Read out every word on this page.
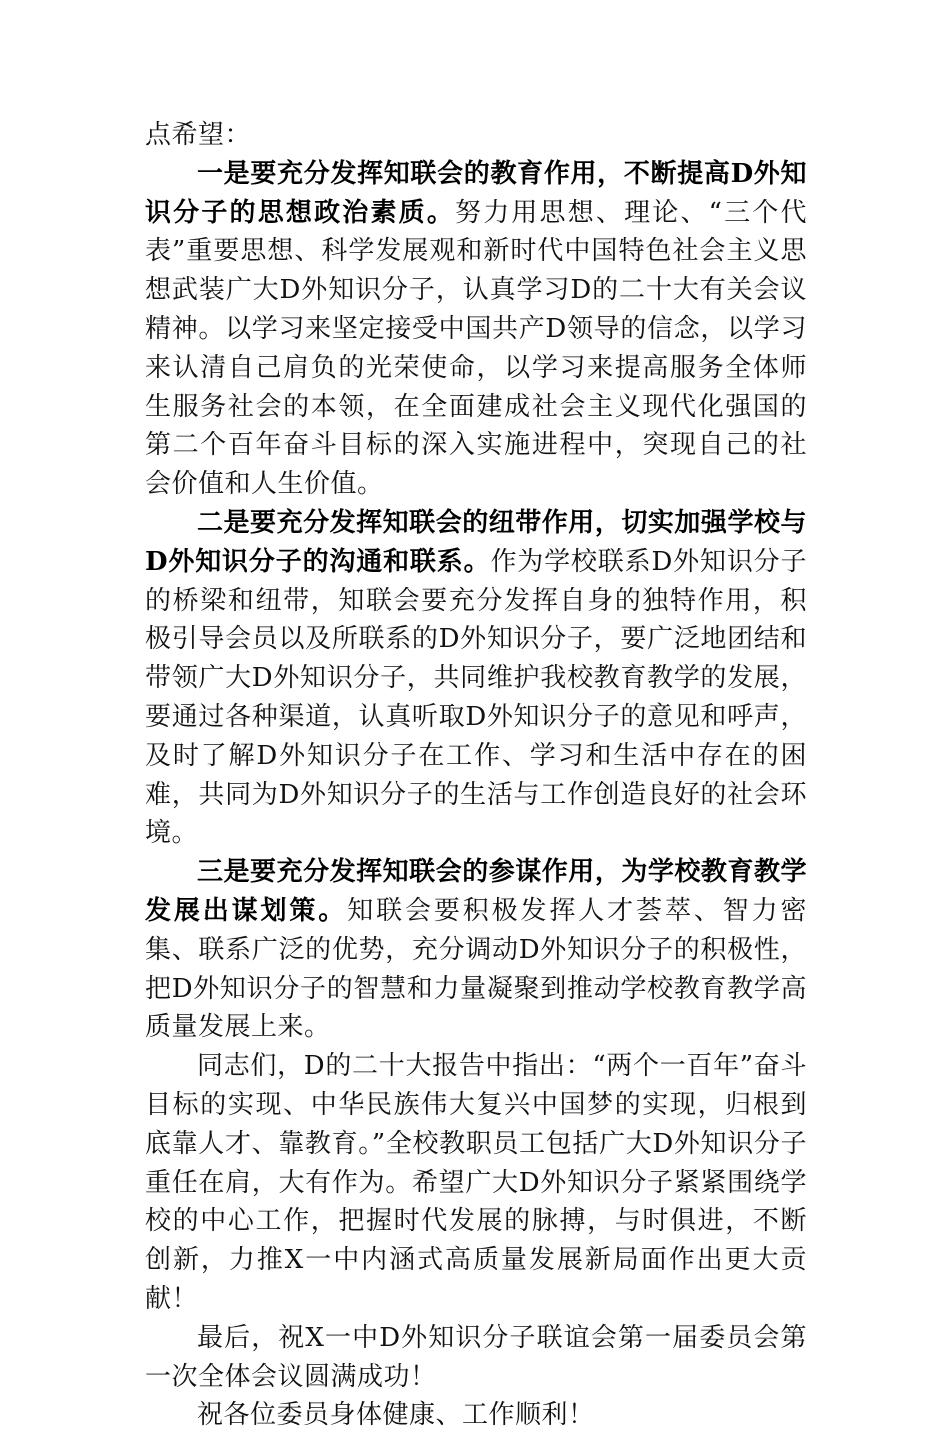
点希望：

一是要充分发挥知联会的教育作用，不断提高D外知识分子的思想政治素质。努力用思想、理论、“三个代表”重要思想、科学发展观和新时代中国特色社会主义思想武装广大D外知识分子，认真学习D的二十大有关会议精神。以学习来坚定接受中国共产D领导的信念，以学习来认清自己肩负的光荣使命，以学习来提高服务全体师生服务社会的本领，在全面建成社会主义现代化强国的第二个百年奋斗目标的深入实施进程中，突现自己的社会价值和人生价值。

二是要充分发挥知联会的纽带作用，切实加强学校与D外知识分子的沟通和联系。作为学校联系D外知识分子的桥梁和纽带，知联会要充分发挥自身的独特作用，积极引导会员以及所联系的D外知识分子，要广泛地团结和带领广大D外知识分子，共同维护我校教育教学的发展，要通过各种渠道，认真听取D外知识分子的意见和呼声，及时了解D外知识分子在工作、学习和生活中存在的困难，共同为D外知识分子的生活与工作创造良好的社会环境。

三是要充分发挥知联会的参谋作用，为学校教育教学发展出谋划策。知联会要积极发挥人才荟萃、智力密集、联系广泛的优势，充分调动D外知识分子的积极性，把D外知识分子的智慧和力量凝聚到推动学校教育教学高质量发展上来。

同志们，D的二十大报告中指出：“两个一百年”奋斗目标的实现、中华民族伟大复兴中国梦的实现，归根到底靠人才、靠教育。”全校教职员工包括广大D外知识分子重任在肩，大有作为。希望广大D外知识分子紧紧围绕学校的中心工作，把握时代发展的脉搏，与时俱进，不断创新，力推X一中内涵式高质量发展新局面作出更大贡献！

最后，祝X一中D外知识分子联谊会第一届委员会第一次全体会议圆满成功！

祝各位委员身体健康、工作顺利！
